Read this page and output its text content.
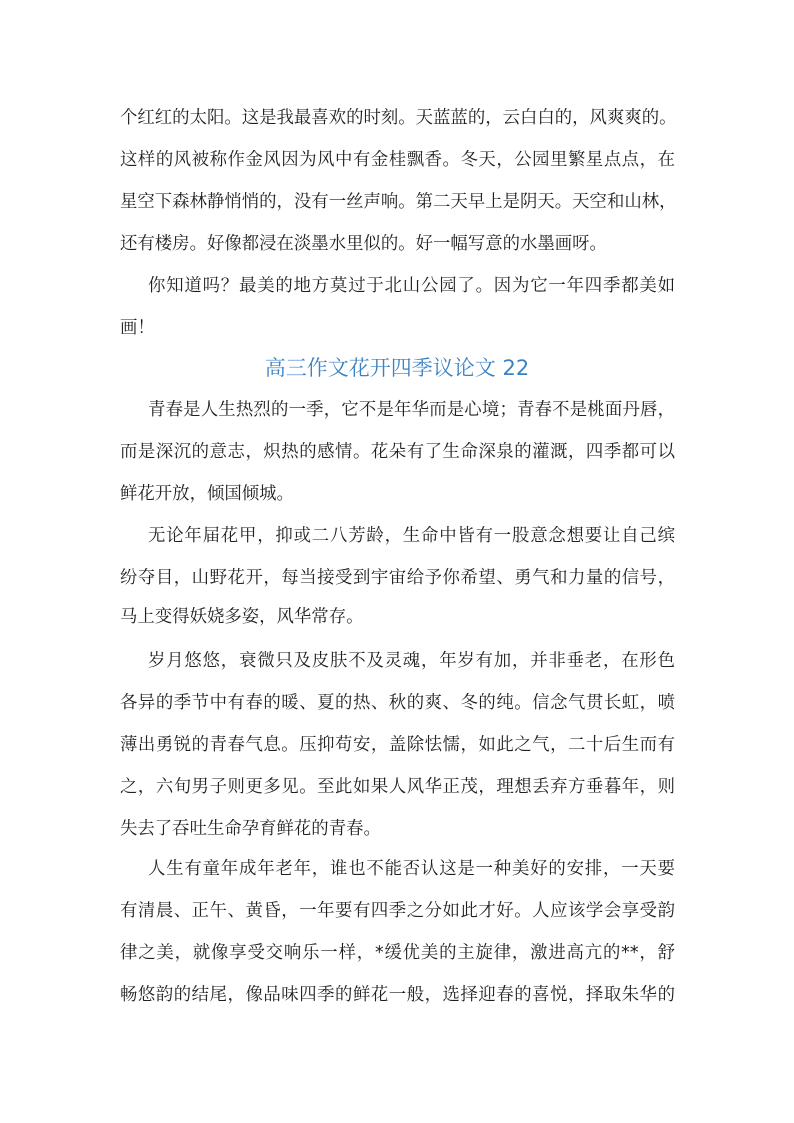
个红红的太阳。这是我最喜欢的时刻。天蓝蓝的，云白白的，风爽爽的。
这样的风被称作金风因为风中有金桂飘香。冬天，公园里繁星点点，在
星空下森林静悄悄的，没有一丝声响。第二天早上是阴天。天空和山林，
还有楼房。好像都浸在淡墨水里似的。好一幅写意的水墨画呀。
你知道吗？最美的地方莫过于北山公园了。因为它一年四季都美如
画！
高三作文花开四季议论文 22
青春是人生热烈的一季，它不是年华而是心境；青春不是桃面丹唇，
而是深沉的意志，炽热的感情。花朵有了生命深泉的灌溉，四季都可以
鲜花开放，倾国倾城。
无论年届花甲，抑或二八芳龄，生命中皆有一股意念想要让自己缤
纷夺目，山野花开，每当接受到宇宙给予你希望、勇气和力量的信号，
马上变得妖娆多姿，风华常存。
岁月悠悠，衰微只及皮肤不及灵魂，年岁有加，并非垂老，在形色
各异的季节中有春的暖、夏的热、秋的爽、冬的纯。信念气贯长虹，喷
薄出勇锐的青春气息。压抑苟安，盖除怯懦，如此之气，二十后生而有
之，六旬男子则更多见。至此如果人风华正茂，理想丢弃方垂暮年，则
失去了吞吐生命孕育鲜花的青春。
人生有童年成年老年，谁也不能否认这是一种美好的安排，一天要
有清晨、正午、黄昏，一年要有四季之分如此才好。人应该学会享受韵
律之美，就像享受交响乐一样，*缓优美的主旋律，激进高亢的**，舒
畅悠韵的结尾，像品味四季的鲜花一般，选择迎春的喜悦，择取朱华的
